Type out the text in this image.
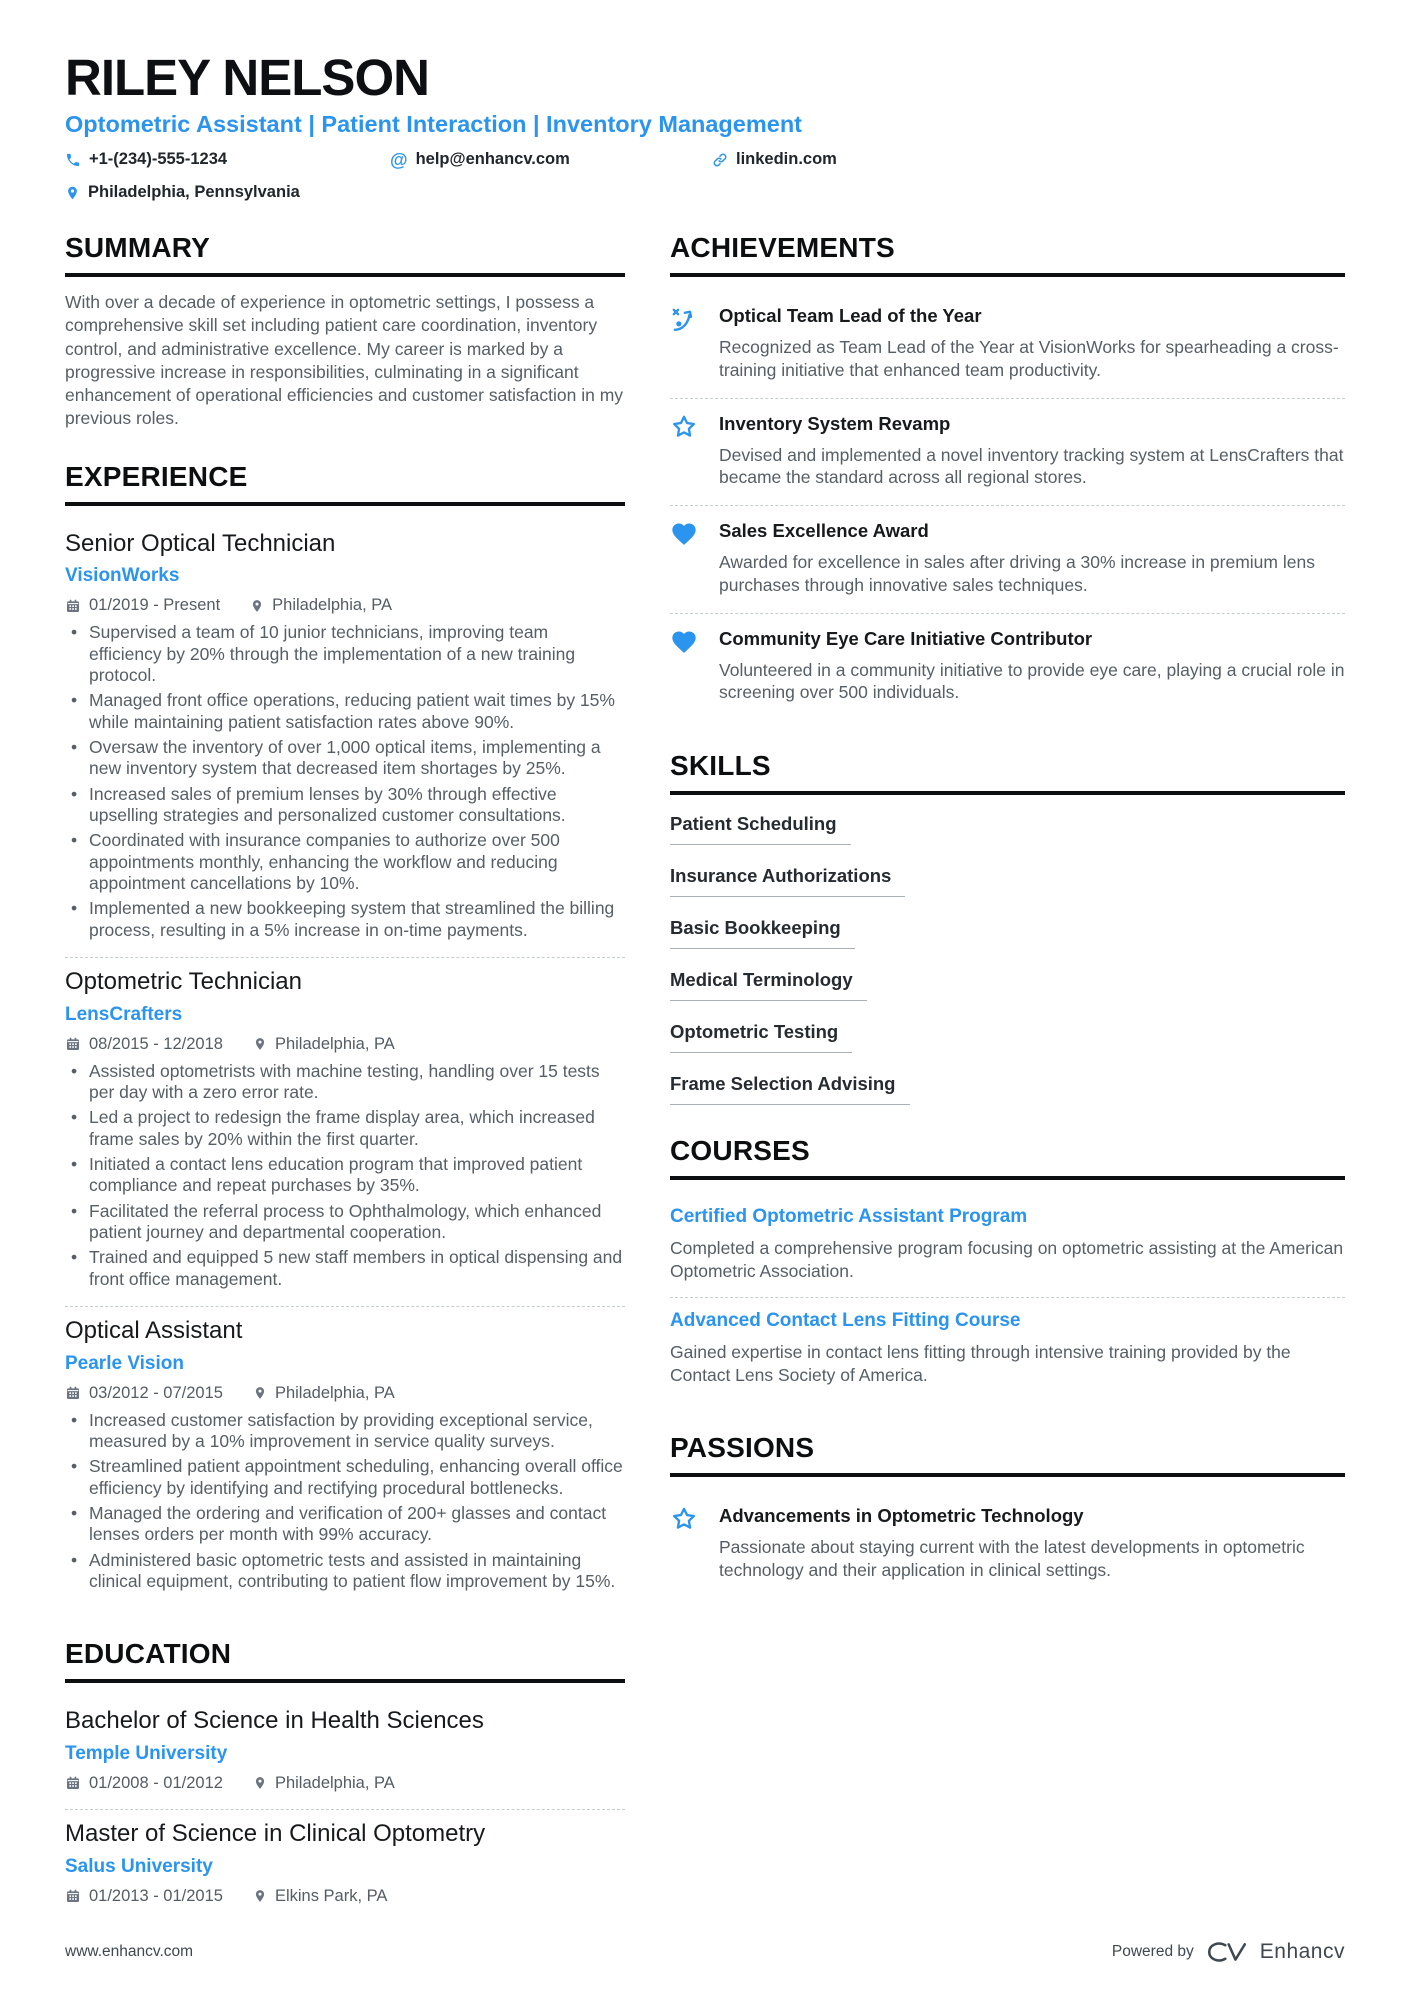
RILEY NELSON
Optometric Assistant | Patient Interaction | Inventory Management
+1-(234)-555-1234	@ help@enhancv.com	linkedin.com
Philadelphia, Pennsylvania
SUMMARY

With over a decade of experience in optometric settings, I possess a comprehensive skill set including patient care coordination, inventory control, and administrative excellence. My career is marked by a progressive increase in responsibilities, culminating in a significant enhancement of operational efficiencies and customer satisfaction in my previous roles.

EXPERIENCE
Senior Optical Technician
VisionWorks
01/2019 - Present	Philadelphia, PA
• Supervised a team of 10 junior technicians, improving team efficiency by 20% through the implementation of a new training protocol.
• Managed front office operations, reducing patient wait times by 15% while maintaining patient satisfaction rates above 90%.
• Oversaw the inventory of over 1,000 optical items, implementing a new inventory system that decreased item shortages by 25%.
• Increased sales of premium lenses by 30% through effective upselling strategies and personalized customer consultations.
• Coordinated with insurance companies to authorize over 500 appointments monthly, enhancing the workflow and reducing appointment cancellations by 10%.
• Implemented a new bookkeeping system that streamlined the billing process, resulting in a 5% increase in on-time payments.
Optometric Technician
LensCrafters
08/2015 - 12/2018	Philadelphia, PA
• Assisted optometrists with machine testing, handling over 15 tests per day with a zero error rate.
• Led a project to redesign the frame display area, which increased frame sales by 20% within the first quarter.
• Initiated a contact lens education program that improved patient compliance and repeat purchases by 35%.
• Facilitated the referral process to Ophthalmology, which enhanced patient journey and departmental cooperation.
• Trained and equipped 5 new staff members in optical dispensing and front office management.
Optical Assistant
Pearle Vision
03/2012 - 07/2015	Philadelphia, PA
• Increased customer satisfaction by providing exceptional service, measured by a 10% improvement in service quality surveys.
• Streamlined patient appointment scheduling, enhancing overall office efficiency by identifying and rectifying procedural bottlenecks.
• Managed the ordering and verification of 200+ glasses and contact lenses orders per month with 99% accuracy.
• Administered basic optometric tests and assisted in maintaining clinical equipment, contributing to patient flow improvement by 15%.
EDUCATION
Bachelor of Science in Health Sciences
Temple University
01/2008 - 01/2012	Philadelphia, PA
Master of Science in Clinical Optometry
Salus University
01/2013 - 01/2015	Elkins Park, PA
ACHIEVEMENTS
Optical Team Lead of the Year
Recognized as Team Lead of the Year at VisionWorks for spearheading a cross-training initiative that enhanced team productivity.
Inventory System Revamp
Devised and implemented a novel inventory tracking system at LensCrafters that became the standard across all regional stores.
Sales Excellence Award
Awarded for excellence in sales after driving a 30% increase in premium lens purchases through innovative sales techniques.
Community Eye Care Initiative Contributor
Volunteered in a community initiative to provide eye care, playing a crucial role in screening over 500 individuals.
SKILLS
Patient Scheduling
Insurance Authorizations
Basic Bookkeeping
Medical Terminology
Optometric Testing
Frame Selection Advising
COURSES
Certified Optometric Assistant Program
Completed a comprehensive program focusing on optometric assisting at the American Optometric Association.
Advanced Contact Lens Fitting Course
Gained expertise in contact lens fitting through intensive training provided by the Contact Lens Society of America.
PASSIONS
Advancements in Optometric Technology
Passionate about staying current with the latest developments in optometric technology and their application in clinical settings.
www.enhancv.com	Powered by	Enhancv
